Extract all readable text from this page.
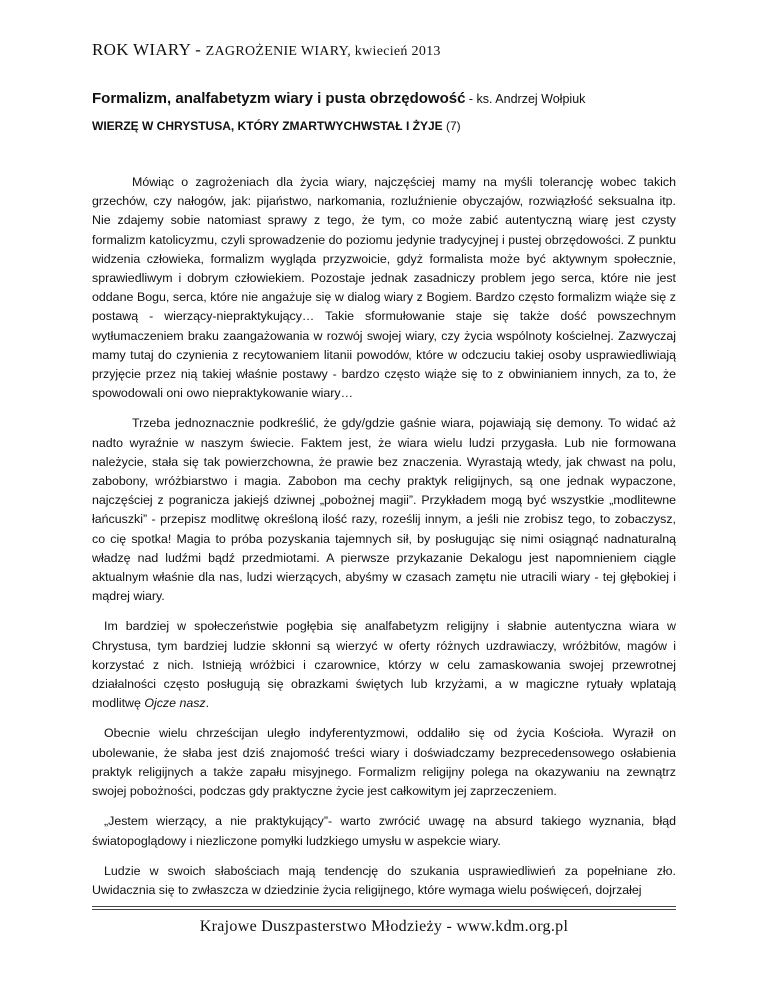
ROK WIARY - ZAGROŻENIE WIARY, kwiecień 2013
Formalizm, analfabetyzm wiary i pusta obrzędowość - ks. Andrzej Wołpiuk
WIERZĘ W CHRYSTUSA, KTÓRY ZMARTWYCHWSTAŁ I ŻYJE (7)

Mówiąc o zagrożeniach dla życia wiary, najczęściej mamy na myśli tolerancję wobec takich grzechów, czy nałogów, jak: pijaństwo, narkomania, rozluźnienie obyczajów, rozwiązłość seksualna itp. Nie zdajemy sobie natomiast sprawy z tego, że tym, co może zabić autentyczną wiarę jest czysty formalizm katolicyzmu, czyli sprowadzenie do poziomu jedynie tradycyjnej i pustej obrzędowości. Z punktu widzenia człowieka, formalizm wygląda przyzwoicie, gdyż formalista może być aktywnym społecznie, sprawiedliwym i dobrym człowiekiem. Pozostaje jednak zasadniczy problem jego serca, które nie jest oddane Bogu, serca, które nie angażuje się w dialog wiary z Bogiem. Bardzo często formalizm wiąże się z postawą - wierzący-niepraktykujący… Takie sformułowanie staje się także dość powszechnym wytłumaczeniem braku zaangażowania w rozwój swojej wiary, czy życia wspólnoty kościelnej. Zazwyczaj mamy tutaj do czynienia z recytowaniem litanii powodów, które w odczuciu takiej osoby usprawiedliwiają przyjęcie przez nią takiej właśnie postawy - bardzo często wiąże się to z obwinianiem innych, za to, że spowodowali oni owo niepraktykowanie wiary…

Trzeba jednoznacznie podkreślić, że gdy/gdzie gaśnie wiara, pojawiają się demony. To widać aż nadto wyraźnie w naszym świecie. Faktem jest, że wiara wielu ludzi przygasła. Lub nie formowana należycie, stała się tak powierzchowna, że prawie bez znaczenia. Wyrastają wtedy, jak chwast na polu, zabobony, wróżbiarstwo i magia. Zabobon ma cechy praktyk religijnych, są one jednak wypaczone, najczęściej z pogranicza jakiejś dziwnej „pobożnej magii”. Przykładem mogą być wszystkie „modlitewne łańcuszki” - przepisz modlitwę określoną ilość razy, roześlij innym, a jeśli nie zrobisz tego, to zobaczysz, co cię spotka! Magia to próba pozyskania tajemnych sił, by posługując się nimi osiągnąć nadnaturalną władzę nad ludźmi bądź przedmiotami. A pierwsze przykazanie Dekalogu jest napomnieniem ciągle aktualnym właśnie dla nas, ludzi wierzących, abyśmy w czasach zamętu nie utracili wiary - tej głębokiej i mądrej wiary.

Im bardziej w społeczeństwie pogłębia się analfabetyzm religijny i słabnie autentyczna wiara w Chrystusa, tym bardziej ludzie skłonni są wierzyć w oferty różnych uzdrawiaczy, wróżbitów, magów i korzystać z nich. Istnieją wróżbici i czarownice, którzy w celu zamaskowania swojej przewrotnej działalności często posługują się obrazkami świętych lub krzyżami, a w magiczne rytuały wplatają modlitwę Ojcze nasz.

Obecnie wielu chrześcijan uległo indyferentyzmowi, oddaliło się od życia Kościoła. Wyraził on ubolewanie, że słaba jest dziś znajomość treści wiary i doświadczamy bezprecedensowego osłabienia praktyk religijnych a także zapału misyjnego. Formalizm religijny polega na okazywaniu na zewnątrz swojej pobożności, podczas gdy praktyczne życie jest całkowitym jej zaprzeczeniem.

„Jestem wierzący, a nie praktykujący”- warto zwrócić uwagę na absurd takiego wyznania, błąd światopoglądowy i niezliczone pomyłki ludzkiego umysłu w aspekcie wiary.

Ludzie w swoich słabościach mają tendencję do szukania usprawiedliwień za popełniane zło. Uwidacznia się to zwłaszcza w dziedzinie życia religijnego, które wymaga wielu poświęceń, dojrzałej

Krajowe Duszpasterstwo Młodzieży - www.kdm.org.pl
